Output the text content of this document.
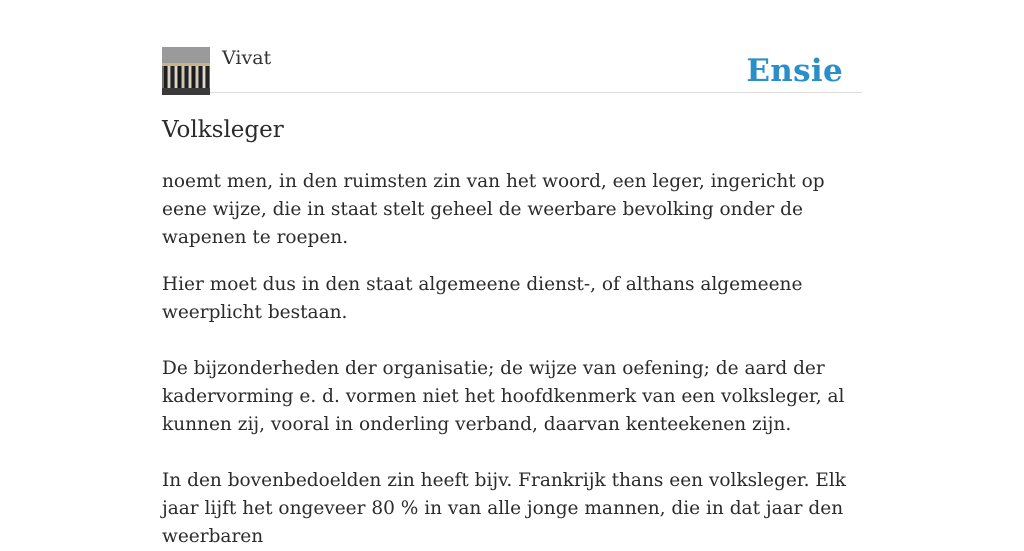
Vivat	Ensie
Volksleger

noemt men, in den ruimsten zin van het woord, een leger, ingericht op eene wijze, die in staat stelt geheel de weerbare bevolking onder de wapenen te roepen.

Hier moet dus in den staat algemeene dienst-, of althans algemeene weerplicht bestaan.

De bijzonderheden der organisatie; de wijze van oefening; de aard der kadervorming e. d. vormen niet het hoofdkenmerk van een volksleger, al kunnen zij, vooral in onderling verband, daarvan kenteekenen zijn.

In den bovenbedoelden zin heeft bijv. Frankrijk thans een volksleger. Elk jaar lijft het ongeveer 80 % in van alle jonge mannen, die in dat jaar den weerbaren
